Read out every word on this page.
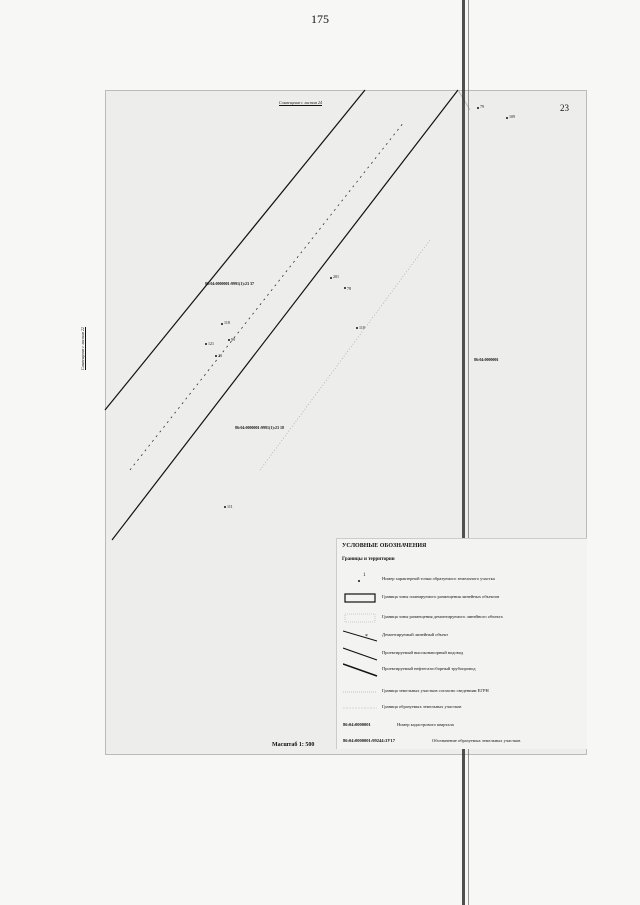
175
23
Совмещение с листом 24
Совмещение с листом 22
79
109
201
78
118
99
121
23
110
111
86:04:0000001:9991(1):23 37
86:04:0000001:9991(1):23 18
86:04:0000001
УСЛОВНЫЕ ОБОЗНАЧЕНИЯ
Границы и территории
1
Номер характерной точки образуемого земельного участка
Граница зоны планируемого размещения линейных объектов
Граница зоны размещения демонтируемого линейного объекта
*	Демонтируемый линейный объект
Проектируемый высоконапорный водовод
Проектируемый нефтегазосборный трубопровод
Граница земельных участков согласно сведениям ЕГРН
Граница образуемых земельных участков
86:04:0000001	Номер кадастрового квартала
86:04:0000001:99244:3У17	Обозначение образуемых земельных участков
Масштаб 1: 500
